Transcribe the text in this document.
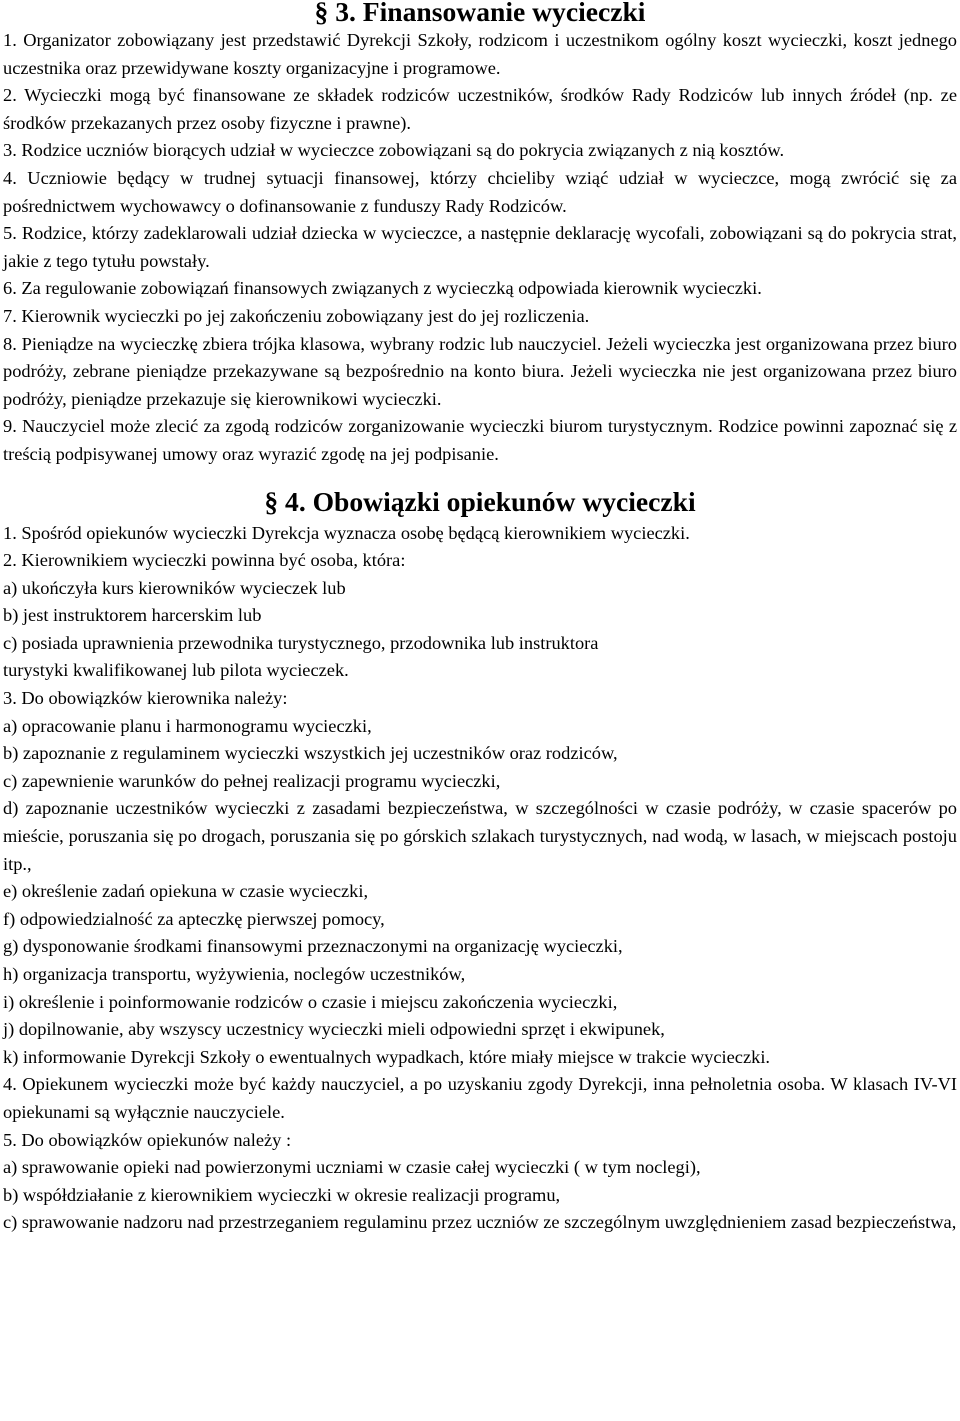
§ 3. Finansowanie wycieczki

1. Organizator zobowiązany jest przedstawić Dyrekcji Szkoły, rodzicom i uczestnikom ogólny koszt wycieczki, koszt jednego uczestnika oraz przewidywane koszty organizacyjne i programowe.

2. Wycieczki mogą być finansowane ze składek rodziców uczestników, środków Rady Rodziców lub innych źródeł (np. ze środków przekazanych przez osoby fizyczne i prawne).

3. Rodzice uczniów biorących udział w wycieczce zobowiązani są do pokrycia związanych z nią kosztów.

4. Uczniowie będący w trudnej sytuacji finansowej, którzy chcieliby wziąć udział w wycieczce, mogą zwrócić się za pośrednictwem wychowawcy o dofinansowanie z funduszy Rady Rodziców.

5. Rodzice, którzy zadeklarowali udział dziecka w wycieczce, a następnie deklarację wycofali, zobowiązani są do pokrycia strat, jakie z tego tytułu powstały.

6. Za regulowanie zobowiązań finansowych związanych z wycieczką odpowiada kierownik wycieczki.

7. Kierownik wycieczki po jej zakończeniu zobowiązany jest do jej rozliczenia.

8. Pieniądze na wycieczkę zbiera trójka klasowa, wybrany rodzic lub nauczyciel. Jeżeli wycieczka jest organizowana przez biuro podróży, zebrane pieniądze przekazywane są bezpośrednio na konto biura. Jeżeli wycieczka nie jest organizowana przez biuro podróży, pieniądze przekazuje się kierownikowi wycieczki.

9. Nauczyciel może zlecić za zgodą rodziców zorganizowanie wycieczki biurom turystycznym. Rodzice powinni zapoznać się z treścią podpisywanej umowy oraz wyrazić zgodę na jej podpisanie.

§ 4. Obowiązki opiekunów wycieczki

1. Spośród opiekunów wycieczki Dyrekcja wyznacza osobę będącą kierownikiem wycieczki.

2. Kierownikiem wycieczki powinna być osoba, która:

a) ukończyła kurs kierowników wycieczek lub

b) jest instruktorem harcerskim lub

c) posiada uprawnienia przewodnika turystycznego, przodownika lub instruktora

turystyki kwalifikowanej lub pilota wycieczek.

3. Do obowiązków kierownika należy:

a) opracowanie planu i harmonogramu wycieczki,

b) zapoznanie z regulaminem wycieczki wszystkich jej uczestników oraz rodziców,

c) zapewnienie warunków do pełnej realizacji programu wycieczki,

d) zapoznanie uczestników wycieczki z zasadami bezpieczeństwa, w szczególności w czasie podróży, w czasie spacerów po mieście, poruszania się po drogach, poruszania się po górskich szlakach turystycznych, nad wodą, w lasach, w miejscach postoju itp.,

e) określenie zadań opiekuna w czasie wycieczki,

f) odpowiedzialność za apteczkę pierwszej pomocy,

g) dysponowanie środkami finansowymi przeznaczonymi na organizację wycieczki,

h) organizacja transportu, wyżywienia, noclegów uczestników,

i) określenie i poinformowanie rodziców o czasie i miejscu zakończenia wycieczki,

j) dopilnowanie, aby wszyscy uczestnicy wycieczki mieli odpowiedni sprzęt i ekwipunek,

k) informowanie Dyrekcji Szkoły o ewentualnych wypadkach, które miały miejsce w trakcie wycieczki.

4. Opiekunem wycieczki może być każdy nauczyciel, a po uzyskaniu zgody Dyrekcji, inna pełnoletnia osoba. W klasach IV-VI opiekunami są wyłącznie nauczyciele.

5. Do obowiązków opiekunów należy :

a) sprawowanie opieki nad powierzonymi uczniami w czasie całej wycieczki ( w tym noclegi),

b) współdziałanie z kierownikiem wycieczki w okresie realizacji programu,

c) sprawowanie nadzoru nad przestrzeganiem regulaminu przez uczniów ze szczególnym uwzględnieniem zasad bezpieczeństwa,
